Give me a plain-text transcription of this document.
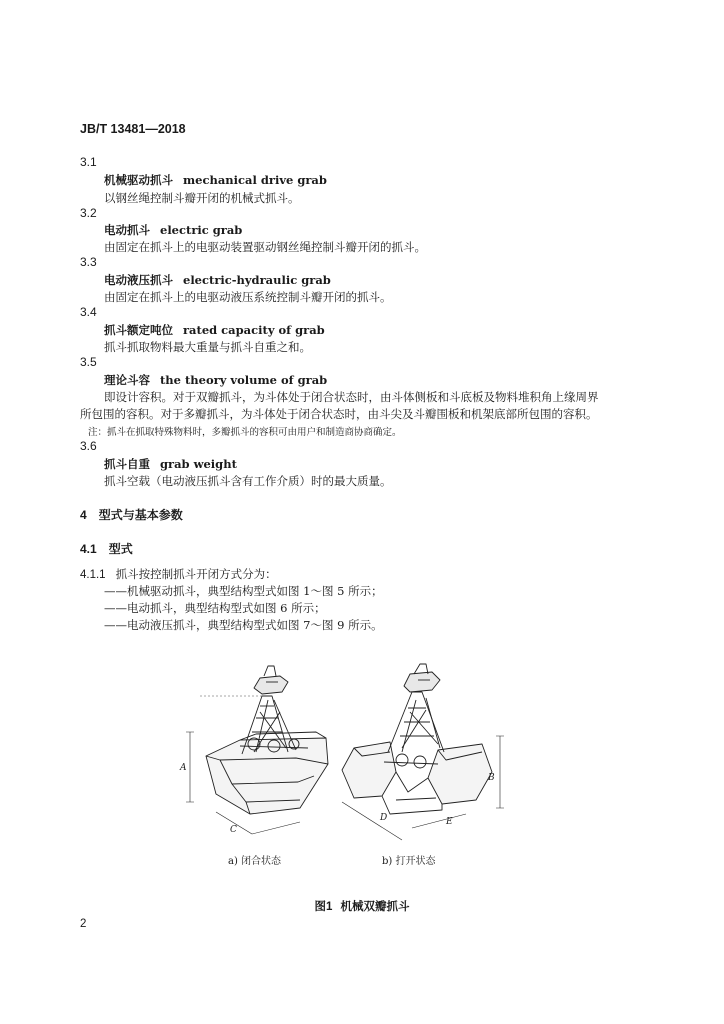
JB/T 13481—2018
3.1
机械驱动抓斗 mechanical drive grab
以钢丝绳控制斗瓣开闭的机械式抓斗。
3.2
电动抓斗 electric grab
由固定在抓斗上的电驱动装置驱动钢丝绳控制斗瓣开闭的抓斗。
3.3
电动液压抓斗 electric-hydraulic grab
由固定在抓斗上的电驱动液压系统控制斗瓣开闭的抓斗。
3.4
抓斗额定吨位 rated capacity of grab
抓斗抓取物料最大重量与抓斗自重之和。
3.5
理论斗容 the theory volume of grab
即设计容积。对于双瓣抓斗，为斗体处于闭合状态时，由斗体侧板和斗底板及物料堆积角上缘周界
所包围的容积。对于多瓣抓斗，为斗体处于闭合状态时，由斗尖及斗瓣围板和机架底部所包围的容积。
注：抓斗在抓取特殊物料时，多瓣抓斗的容积可由用户和制造商协商确定。
3.6
抓斗自重 grab weight
抓斗空载（电动液压抓斗含有工作介质）时的最大质量。
4 型式与基本参数
4.1 型式
4.1.1 抓斗按控制抓斗开闭方式分为：
——机械驱动抓斗，典型结构型式如图 1～图 5 所示；
——电动抓斗，典型结构型式如图 6 所示；
——电动液压抓斗，典型结构型式如图 7～图 9 所示。
A
C
B
D	E
a) 闭合状态	b) 打开状态
图1 机械双瓣抓斗
2
